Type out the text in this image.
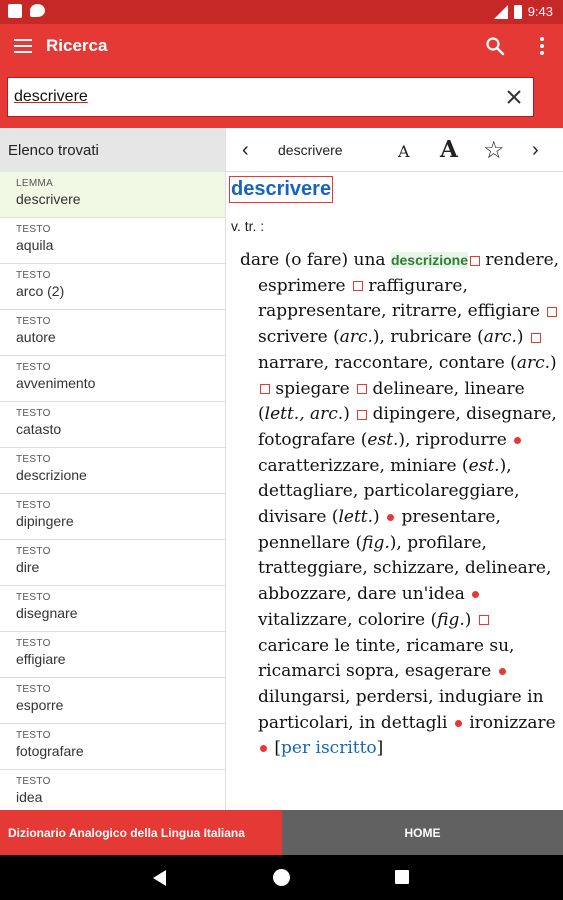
9:43
Ricerca
descrivere
Elenco trovati
LEMMA
descrivere
TESTO
aquila
TESTO
arco (2)
TESTO
autore
TESTO
avvenimento
TESTO
catasto
TESTO
descrizione
TESTO
dipingere
TESTO
dire
TESTO
disegnare
TESTO
effigiare
TESTO
esporre
TESTO
fotografare
TESTO
idea
‹ descrivere	A A ☆ ›
descrivere
v. tr. :
dare (o fare) una descrizione rendere, esprimere  raffigurare, rappresentare, ritrarre, effigiare  scrivere (arc.), rubricare (arc.)  narrare, raccontare, contare (arc.)  spiegare  delineare, lineare (lett., arc.)  dipingere, disegnare, fotografare (est.), riprodurre  caratterizzare, miniare (est.), dettagliare, particolareggiare, divisare (lett.)  presentare, pennellare (fig.), profilare, tratteggiare, schizzare, delineare, abbozzare, dare un'idea  vitalizzare, colorire (fig.)  caricare le tinte, ricamare su, ricamarci sopra, esagerare  dilungarsi, perdersi, indugiare in particolari, in dettagli  ironizzare  [per iscritto]
Dizionario Analogico della Lingua Italiana	HOME
